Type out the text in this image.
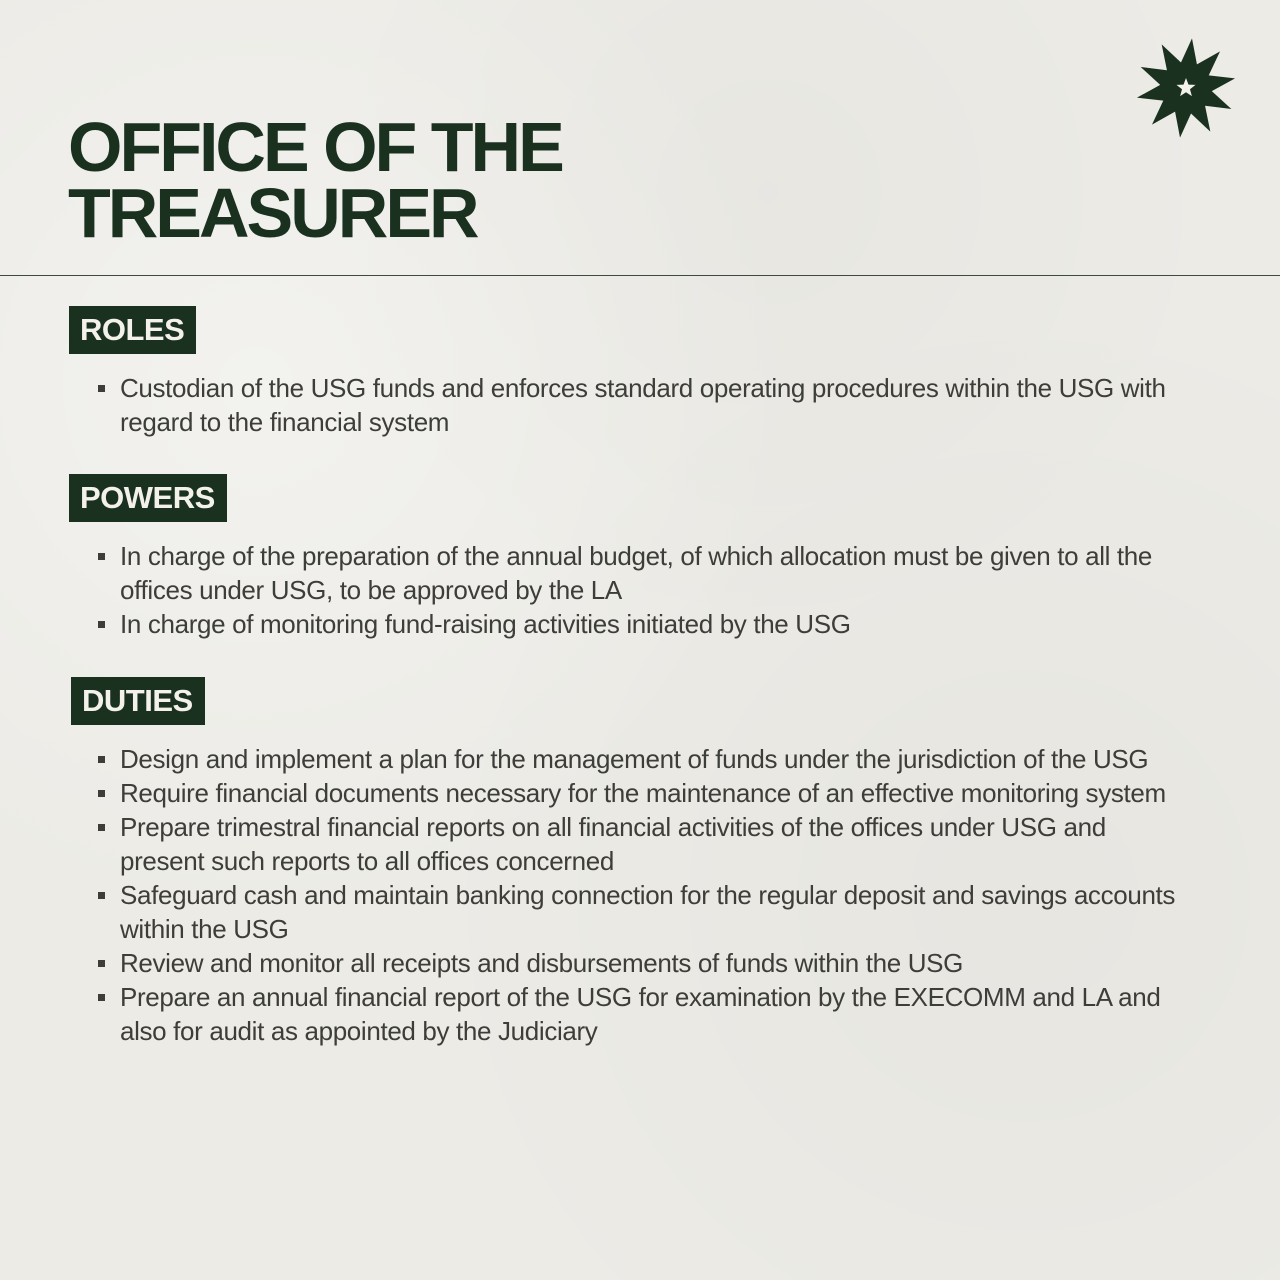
OFFICE OF THE
TREASURER
ROLES
Custodian of the USG funds and enforces standard operating procedures within the USG with regard to the financial system
POWERS
In charge of the preparation of the annual budget, of which allocation must be given to all the offices under USG, to be approved by the LA
In charge of monitoring fund-raising activities initiated by the USG
DUTIES
Design and implement a plan for the management of funds under the jurisdiction of the USG
Require financial documents necessary for the maintenance of an effective monitoring system
Prepare trimestral financial reports on all financial activities of the offices under USG and present such reports to all offices concerned
Safeguard cash and maintain banking connection for the regular deposit and savings accounts within the USG
Review and monitor all receipts and disbursements of funds within the USG
Prepare an annual financial report of the USG for examination by the EXECOMM and LA and also for audit as appointed by the Judiciary
